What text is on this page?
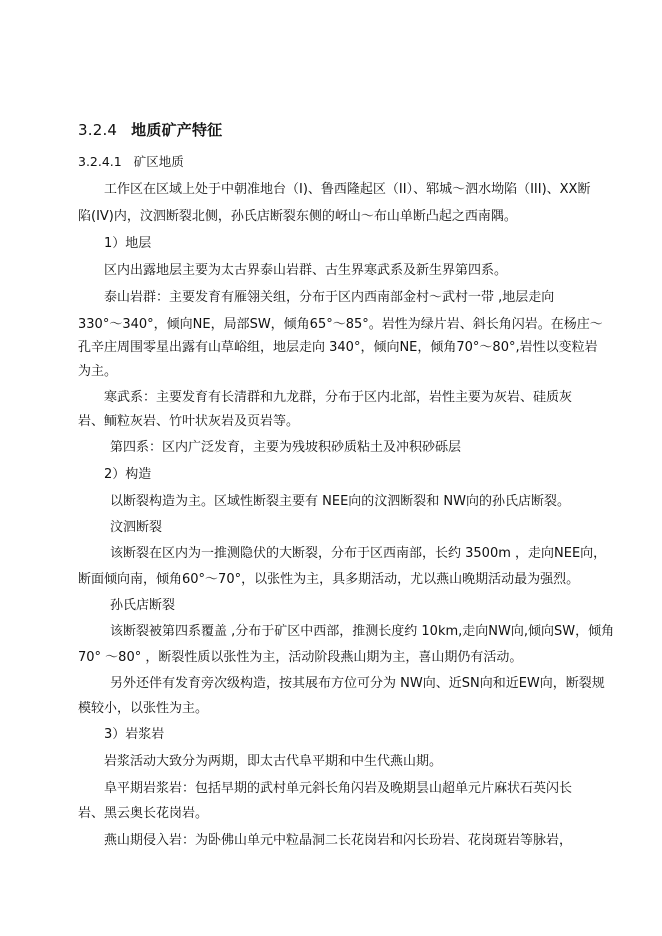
3.2.4 地质矿产特征
3.2.4.1 矿区地质
工作区在区域上处于中朝准地台（I)、鲁西隆起区（II）、郓城～泗水坳陷（III)、XX断
陷(IV)内，汶泗断裂北侧，孙氏店断裂东侧的岈山～布山单断凸起之西南隅。
1）地层
区内出露地层主要为太古界泰山岩群、古生界寒武系及新生界第四系。
泰山岩群：主要发育有雁翎关组，分布于区内西南部金村～武村一带 ,地层走向
330°～340°，倾向NE，局部SW，倾角65°～85°。岩性为绿片岩、斜长角闪岩。在杨庄～
孔辛庄周围零星出露有山草峪组，地层走向 340°，倾向NE，倾角70°～80°,岩性以变粒岩
为主。
寒武系：主要发育有长清群和九龙群，分布于区内北部，岩性主要为灰岩、硅质灰
岩、鲕粒灰岩、竹叶状灰岩及页岩等。
第四系：区内广泛发育，主要为残坡积砂质粘土及冲积砂砾层
2）构造
以断裂构造为主。区域性断裂主要有 NEE向的汶泗断裂和 NW向的孙氏店断裂。
汶泗断裂
该断裂在区内为一推测隐伏的大断裂，分布于区西南部，长约 3500m ，走向NEE向，
断面倾向南，倾角60°～70°，以张性为主，具多期活动，尤以燕山晚期活动最为强烈。
孙氏店断裂
该断裂被第四系覆盖 ,分布于矿区中西部，推测长度约 10km,走向NW向,倾向SW，倾角
70° ～80° ，断裂性质以张性为主，活动阶段燕山期为主，喜山期仍有活动。
另外还伴有发育旁次级构造，按其展布方位可分为 NW向、近SN向和近EW向，断裂规
模较小，以张性为主。
3）岩浆岩
岩浆活动大致分为两期，即太古代阜平期和中生代燕山期。
阜平期岩浆岩：包括早期的武村单元斜长角闪岩及晚期昙山超单元片麻状石英闪长
岩、黑云奥长花岗岩。
燕山期侵入岩：为卧佛山单元中粒晶洞二长花岗岩和闪长玢岩、花岗斑岩等脉岩，
